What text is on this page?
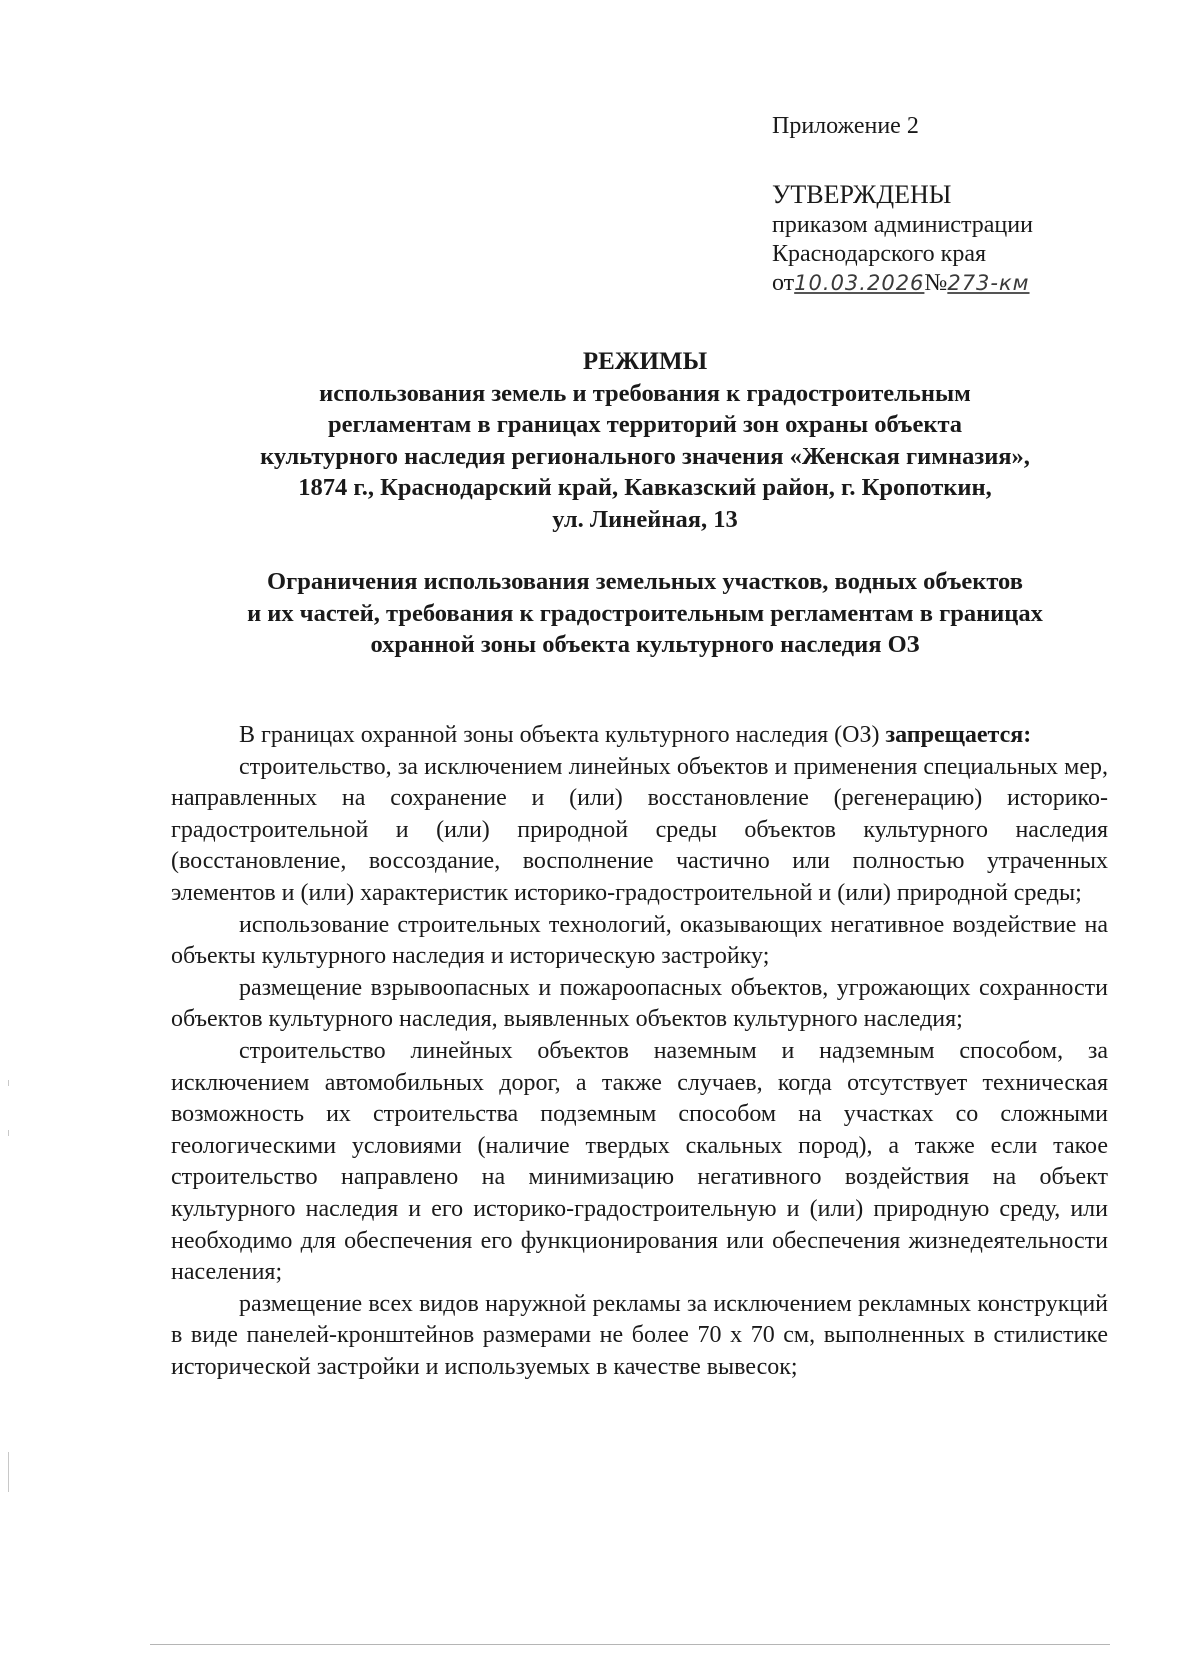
Приложение 2

УТВЕРЖДЕНЫ

приказом администрации

Краснодарского края

от10.03.2026№273-км

РЕЖИМЫ

использования земель и требования к градостроительным

регламентам в границах территорий зон охраны объекта

культурного наследия регионального значения «Женская гимназия»,

1874 г., Краснодарский край, Кавказский район, г. Кропоткин,

ул. Линейная, 13

Ограничения использования земельных участков, водных объектов
и их частей, требования к градостроительным регламентам в границах
охранной зоны объекта культурного наследия ОЗ

В границах охранной зоны объекта культурного наследия (ОЗ) запрещается:

строительство, за исключением линейных объектов и применения специальных мер, направленных на сохранение и (или) восстановление (регенерацию) историко-градостроительной и (или) природной среды объектов культурного наследия (восстановление, воссоздание, восполнение частично или полностью утраченных элементов и (или) характеристик историко-градостроительной и (или) природной среды;

использование строительных технологий, оказывающих негативное воздействие на объекты культурного наследия и историческую застройку;

размещение взрывоопасных и пожароопасных объектов, угрожающих сохранности объектов культурного наследия, выявленных объектов культурного наследия;

строительство линейных объектов наземным и надземным способом, за исключением автомобильных дорог, а также случаев, когда отсутствует техническая возможность их строительства подземным способом на участках со сложными геологическими условиями (наличие твердых скальных пород), а также если такое строительство направлено на минимизацию негативного воздействия на объект культурного наследия и его историко-градостроительную и (или) природную среду, или необходимо для обеспечения его функционирования или обеспечения жизнедеятельности населения;

размещение всех видов наружной рекламы за исключением рекламных конструкций в виде панелей-кронштейнов размерами не более 70 х 70 см, выполненных в стилистике исторической застройки и используемых в качестве вывесок;
